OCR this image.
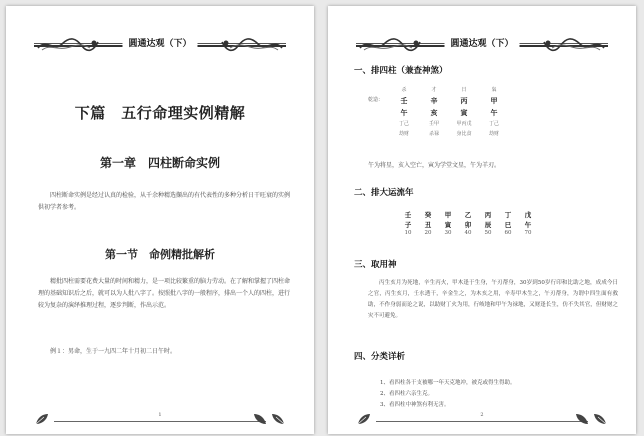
圆通达观（下）
下篇　五行命理实例精解
第一章　四柱断命实例

四柱断命实例是经过认真的检验，从千余种精选撷出的有代表性的多种分析日干旺衰的实例供初学者参考。

第一节　命例精批解析

精批四柱需要花费大量的时间和精力，是一项比较繁重的脑力劳动。在了解和掌握了四柱命理的基础知识后之后，就可以为人批八字了。按照批八字的一般程序，排出一个人的四柱，进行较为复杂的演绎推理过程，逐步判断，作出示范。

例１：男命，生于一九四二年十月初二日午时。

1
圆通达观（下）
一、排四柱（兼查神煞）
杀	才	日	枭
乾造：	壬	辛	丙	甲
午	亥	寅	午
丁己	壬甲	甲丙戊	丁己
劫财	杀禄	身比食	劫财
午为将星，亥入空亡，寅为学堂文星，午为羊刃。
二、排大运流年
壬	癸	甲	乙	丙	丁	戊
子	丑	寅	卯	辰	巳	午
10	20	30	40	50	60	70
三、取用神

丙生亥月为死地，辛生丙火，甲木逢于生身，午刃帮身，30岁到50岁行印和比助之地，成成今日之官，丙生亥月，壬水透干，辛金生之，为木亥之用，辛寿甲木生之，午刃帮身，为谓中四生面有救助，不作身弱而论之说，以助财丁火为用，行岐地和甲午为禄地，又财逢长生，仿不失其官，但财财之灾不可避免。

四、分类详析
1、看四柱各干支被哪一年天克地冲，被克或得生得助。
2、看四柱六亲生克。
3、看四柱中神煞有利无害。
2
